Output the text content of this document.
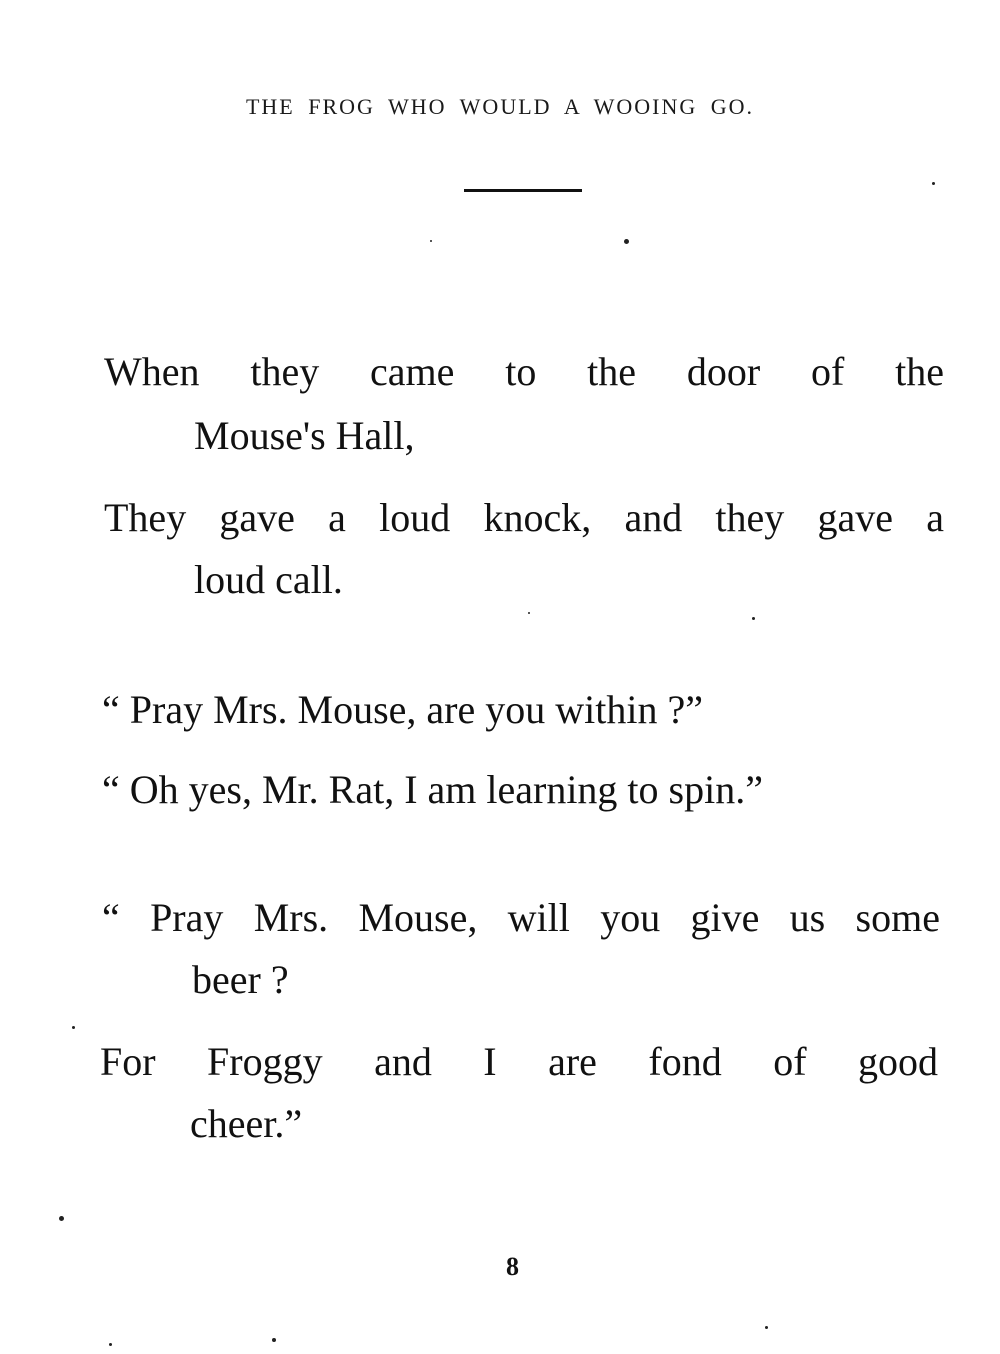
THE FROG WHO WOULD A WOOING GO.
When they came to the door of the
Mouse's Hall,
They gave a loud knock, and they gave a
loud call.
“ Pray Mrs. Mouse, are you within ?”
“ Oh yes, Mr. Rat, I am learning to spin.”
“ Pray Mrs. Mouse, will you give us some
beer ?
For Froggy and I are fond of good
cheer.”
8
